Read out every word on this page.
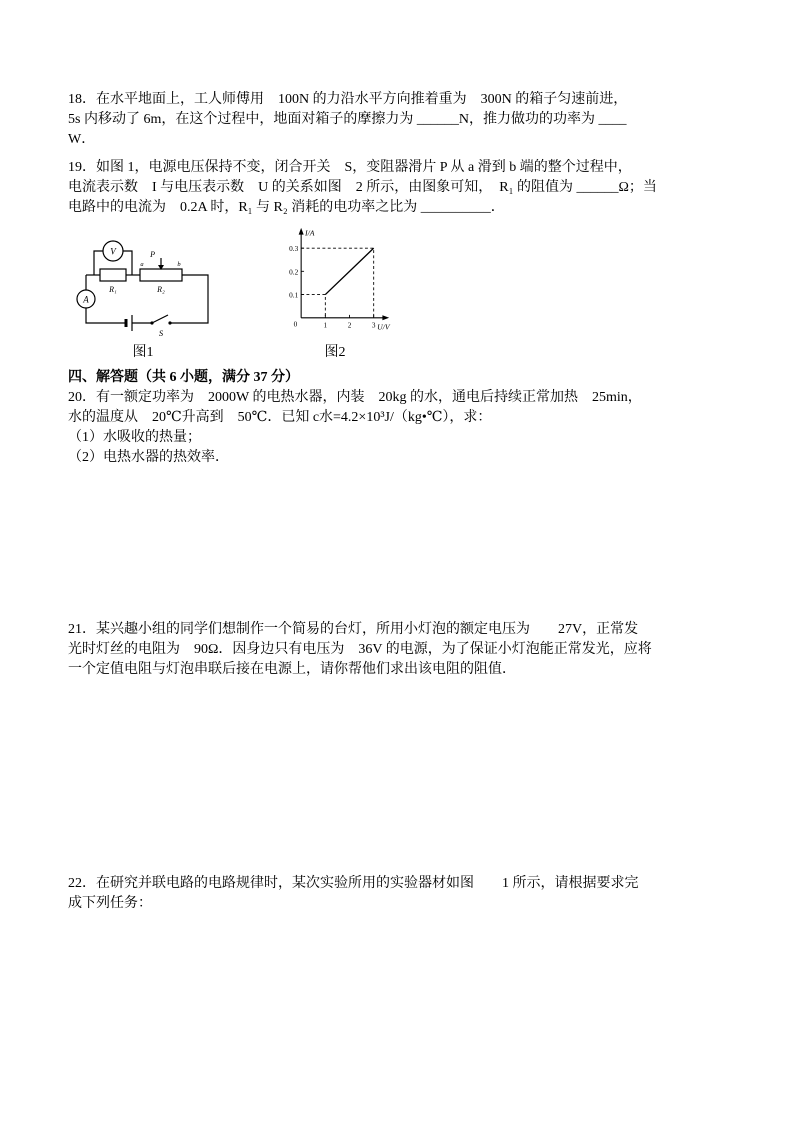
18．在水平地面上，工人师傅用　100N 的力沿水平方向推着重为　300N 的箱子匀速前进，

5s 内移动了 6m，在这个过程中，地面对箱子的摩擦力为 ______N，推力做功的功率为 ____

W．

19．如图 1，电源电压保持不变，闭合开关　S，变阻器滑片 P 从 a 滑到 b 端的整个过程中，

电流表示数　I 与电压表示数　U 的关系如图　2 所示，由图象可知，　R₁ 的阻值为 ______Ω；当

电路中的电流为　0.2A 时，R₁ 与 R₂ 消耗的电功率之比为 __________．

V
A
R₁	R₂
P
a	b
S
图1
I/A
U/V
0	1	2	3
0.1
0.2
0.3
图2

四、解答题（共 6 小题，满分 37 分）

20．有一额定功率为　2000W 的电热水器，内装　20kg 的水，通电后持续正常加热　25min，

水的温度从　20℃升高到　50℃．已知 c水=4.2×10³J/（kg•℃），求：

（1）水吸收的热量；

（2）电热水器的热效率．

21．某兴趣小组的同学们想制作一个简易的台灯，所用小灯泡的额定电压为　　27V，正常发

光时灯丝的电阻为　90Ω．因身边只有电压为　36V 的电源，为了保证小灯泡能正常发光，应将

一个定值电阻与灯泡串联后接在电源上，请你帮他们求出该电阻的阻值．

22．在研究并联电路的电路规律时，某次实验所用的实验器材如图　　1 所示，请根据要求完

成下列任务：
